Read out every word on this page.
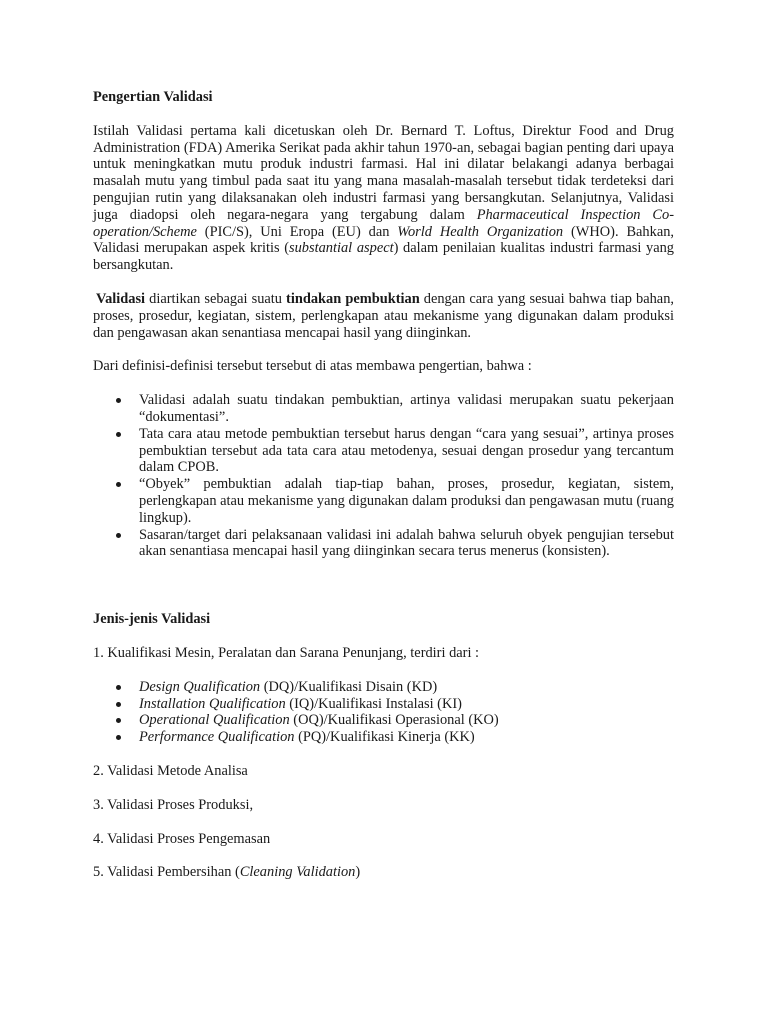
Pengertian Validasi

Istilah Validasi pertama kali dicetuskan oleh Dr. Bernard T. Loftus, Direktur Food and Drug Administration (FDA) Amerika Serikat pada akhir tahun 1970-an, sebagai bagian penting dari upaya untuk meningkatkan mutu produk industri farmasi. Hal ini dilatar belakangi adanya berbagai masalah mutu yang timbul pada saat itu yang mana masalah-masalah tersebut tidak terdeteksi dari pengujian rutin yang dilaksanakan oleh industri farmasi yang bersangkutan. Selanjutnya, Validasi juga diadopsi oleh negara-negara yang tergabung dalam Pharmaceutical Inspection Co-operation/Scheme (PIC/S), Uni Eropa (EU) dan World Health Organization (WHO). Bahkan, Validasi merupakan aspek kritis (substantial aspect) dalam penilaian kualitas industri farmasi yang bersangkutan.

Validasi diartikan sebagai suatu tindakan pembuktian dengan cara yang sesuai bahwa tiap bahan, proses, prosedur, kegiatan, sistem, perlengkapan atau mekanisme yang digunakan dalam produksi dan pengawasan akan senantiasa mencapai hasil yang diinginkan.

Dari definisi-definisi tersebut tersebut di atas membawa pengertian, bahwa :

Validasi adalah suatu tindakan pembuktian, artinya validasi merupakan suatu pekerjaan “dokumentasi”.
Tata cara atau metode pembuktian tersebut harus dengan “cara yang sesuai”, artinya proses pembuktian tersebut ada tata cara atau metodenya, sesuai dengan prosedur yang tercantum dalam CPOB.
“Obyek” pembuktian adalah tiap-tiap bahan, proses, prosedur, kegiatan, sistem, perlengkapan atau mekanisme yang digunakan dalam produksi dan pengawasan mutu (ruang lingkup).
Sasaran/target dari pelaksanaan validasi ini adalah bahwa seluruh obyek pengujian tersebut akan senantiasa mencapai hasil yang diinginkan secara terus menerus (konsisten).

Jenis-jenis Validasi

1. Kualifikasi Mesin, Peralatan dan Sarana Penunjang, terdiri dari :

Design Qualification (DQ)/Kualifikasi Disain (KD)
Installation Qualification (IQ)/Kualifikasi Instalasi (KI)
Operational Qualification (OQ)/Kualifikasi Operasional (KO)
Performance Qualification (PQ)/Kualifikasi Kinerja (KK)

2. Validasi Metode Analisa

3. Validasi Proses Produksi,

4. Validasi Proses Pengemasan

5. Validasi Pembersihan (Cleaning Validation)
